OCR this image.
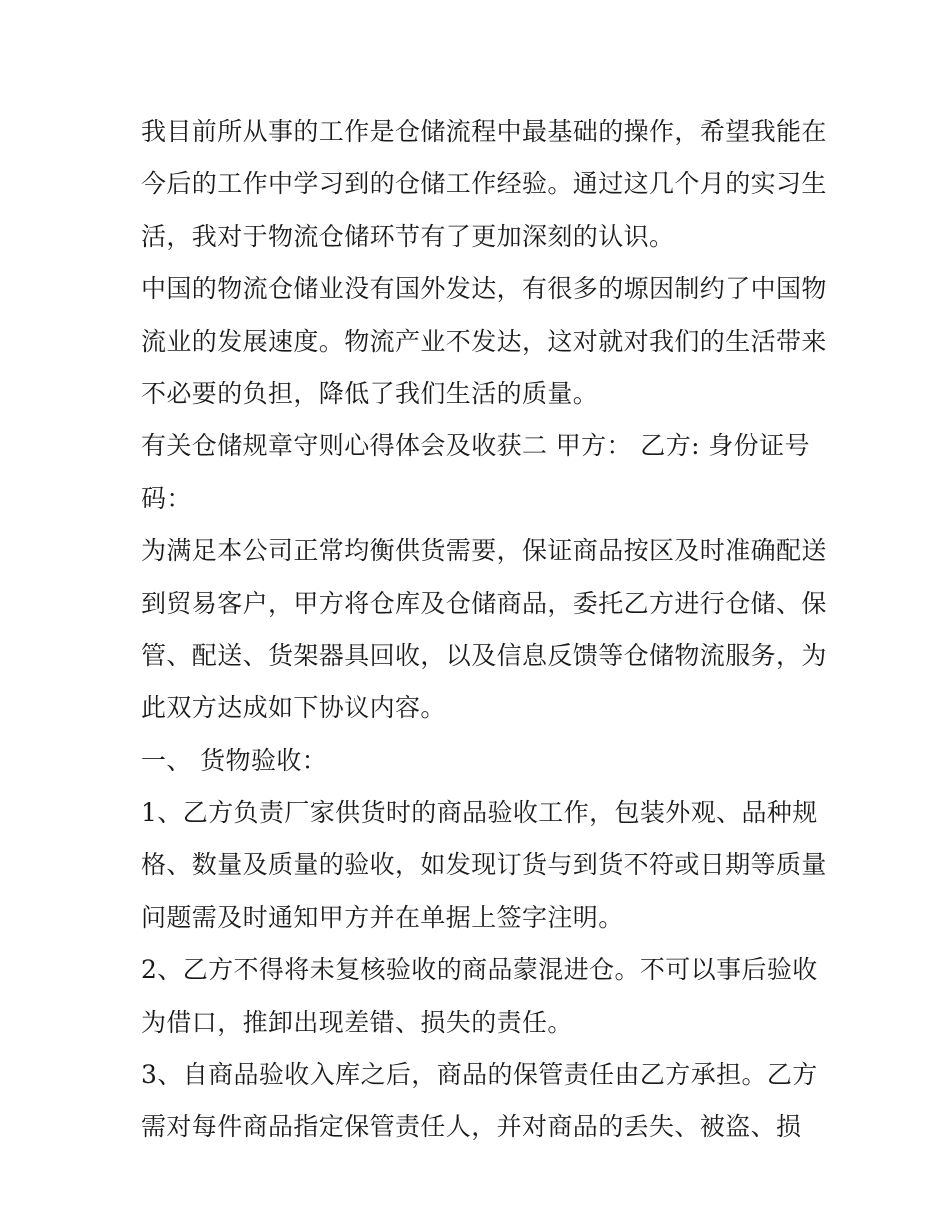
我目前所从事的工作是仓储流程中最基础的操作，希望我能在
今后的工作中学习到的仓储工作经验。通过这几个月的实习生
活，我对于物流仓储环节有了更加深刻的认识。
中国的物流仓储业没有国外发达，有很多的塬因制约了中国物
流业的发展速度。物流产业不发达，这对就对我们的生活带来
不必要的负担，降低了我们生活的质量。
有关仓储规章守则心得体会及收获二 甲方： 乙方: 身份证号
码：
为满足本公司正常均衡供货需要，保证商品按区及时准确配送
到贸易客户，甲方将仓库及仓储商品，委托乙方进行仓储、保
管、配送、货架器具回收，以及信息反馈等仓储物流服务，为
此双方达成如下协议内容。
一、 货物验收：
1、乙方负责厂家供货时的商品验收工作，包装外观、品种规
格、数量及质量的验收，如发现订货与到货不符或日期等质量
问题需及时通知甲方并在单据上签字注明。
2、乙方不得将未复核验收的商品蒙混进仓。不可以事后验收
为借口，推卸出现差错、损失的责任。
3、自商品验收入库之后，商品的保管责任由乙方承担。乙方
需对每件商品指定保管责任人，并对商品的丢失、被盗、损
